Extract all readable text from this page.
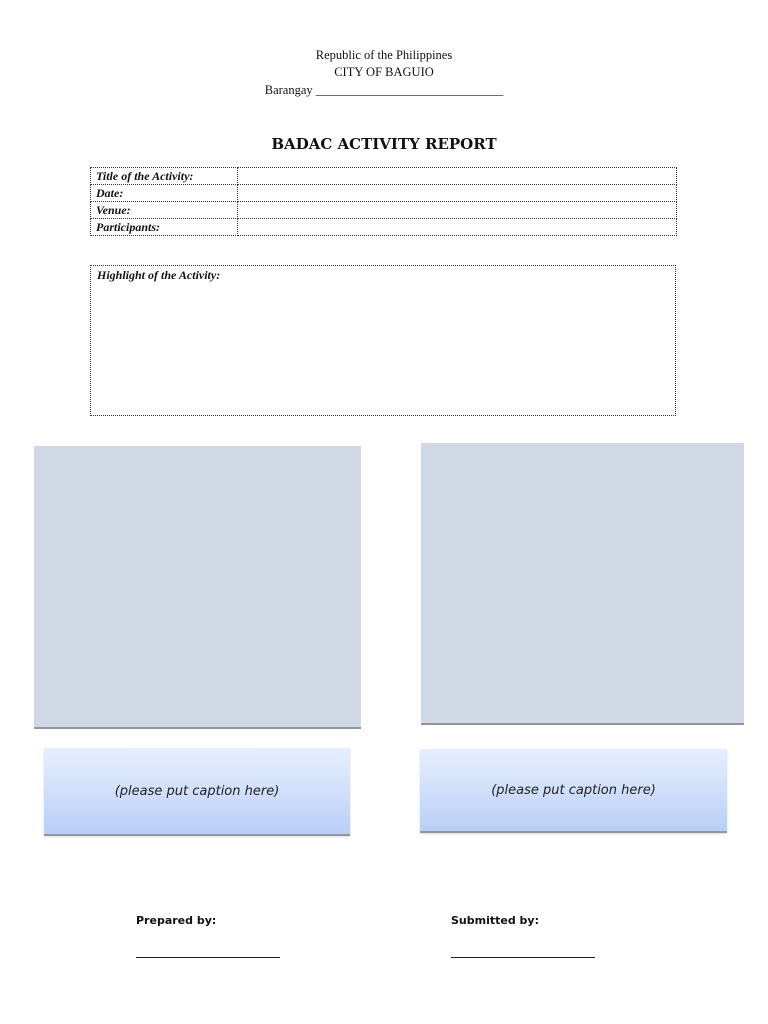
Republic of the Philippines
CITY OF BAGUIO
Barangay ______________________________
BADAC ACTIVITY REPORT
Title of the Activity:	
Date:	
Venue:	
Participants:	
Highlight of the Activity:
(please put caption here)	(please put caption here)
Prepared by:	Submitted by:
